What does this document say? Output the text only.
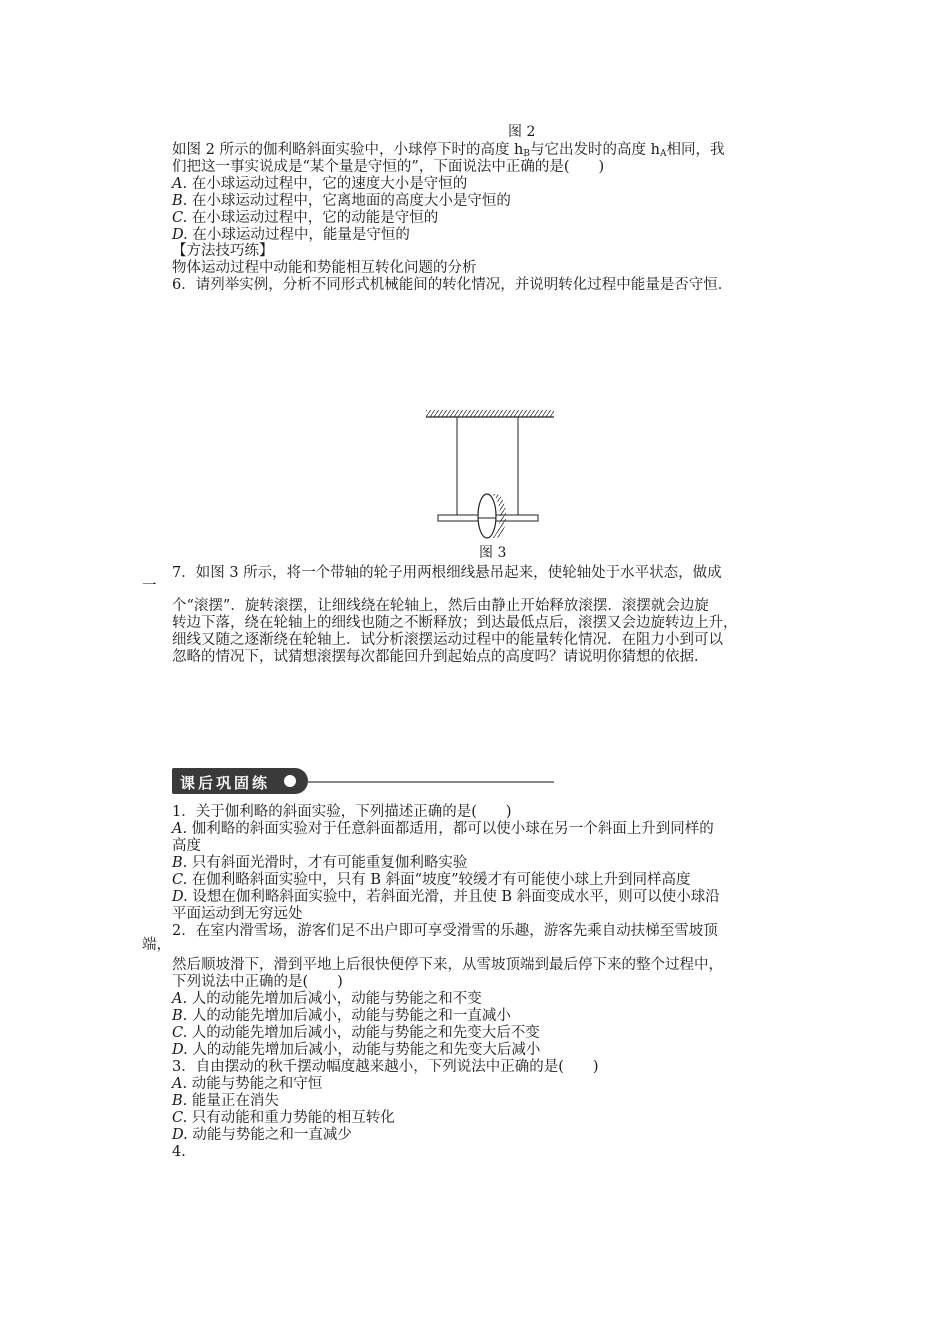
图 2
如图 2 所示的伽利略斜面实验中，小球停下时的高度 $h_B$与它出发时的高度 $h_A$相同，我
们把这一事实说成是“某个量是守恒的”，下面说法中正确的是(　　)
A. 在小球运动过程中，它的速度大小是守恒的
B. 在小球运动过程中，它离地面的高度大小是守恒的
C. 在小球运动过程中，它的动能是守恒的
D. 在小球运动过程中，能量是守恒的
【方法技巧练】
物体运动过程中动能和势能相互转化问题的分析
6．请列举实例，分析不同形式机械能间的转化情况，并说明转化过程中能量是否守恒．
图 3
7．如图 3 所示，将一个带轴的轮子用两根细线悬吊起来，使轮轴处于水平状态，做成
一
个“滚摆”．旋转滚摆，让细线绕在轮轴上，然后由静止开始释放滚摆．滚摆就会边旋
转边下落，绕在轮轴上的细线也随之不断释放；到达最低点后，滚摆又会边旋转边上升，
细线又随之逐渐绕在轮轴上．试分析滚摆运动过程中的能量转化情况．在阻力小到可以
忽略的情况下，试猜想滚摆每次都能回升到起始点的高度吗？请说明你猜想的依据．
课后巩固练
1．关于伽利略的斜面实验，下列描述正确的是(　　)
A. 伽利略的斜面实验对于任意斜面都适用，都可以使小球在另一个斜面上升到同样的
高度
B. 只有斜面光滑时，才有可能重复伽利略实验
C. 在伽利略斜面实验中，只有 B 斜面“坡度”较缓才有可能使小球上升到同样高度
D. 设想在伽利略斜面实验中，若斜面光滑，并且使 B 斜面变成水平，则可以使小球沿
平面运动到无穷远处
2．在室内滑雪场，游客们足不出户即可享受滑雪的乐趣，游客先乘自动扶梯至雪坡顶
端，
然后顺坡滑下，滑到平地上后很快便停下来，从雪坡顶端到最后停下来的整个过程中，
下列说法中正确的是(　　)
A. 人的动能先增加后减小，动能与势能之和不变
B. 人的动能先增加后减小，动能与势能之和一直减小
C. 人的动能先增加后减小，动能与势能之和先变大后不变
D. 人的动能先增加后减小，动能与势能之和先变大后减小
3．自由摆动的秋千摆动幅度越来越小，下列说法中正确的是(　　)
A. 动能与势能之和守恒
B. 能量正在消失
C. 只有动能和重力势能的相互转化
D. 动能与势能之和一直减少
4.
